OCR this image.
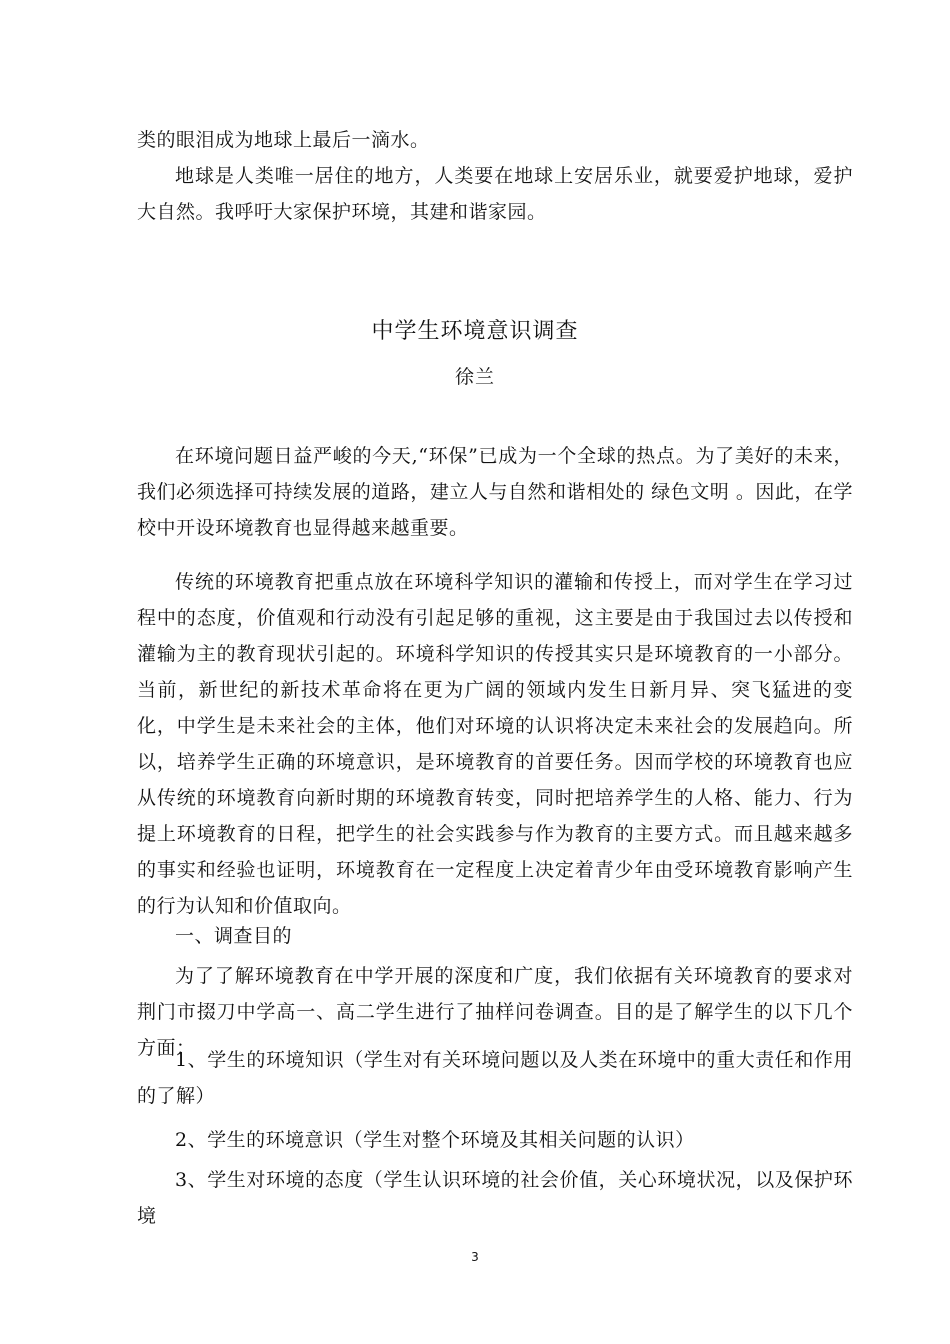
类的眼泪成为地球上最后一滴水。
地球是人类唯一居住的地方，人类要在地球上安居乐业，就要爱护地球，爱护大自然。我呼吁大家保护环境，其建和谐家园。
中学生环境意识调查
徐兰
在环境问题日益严峻的今天,“环保”已成为一个全球的热点。为了美好的未来，我们必须选择可持续发展的道路，建立人与自然和谐相处的 绿色文明 。因此，在学校中开设环境教育也显得越来越重要。
传统的环境教育把重点放在环境科学知识的灌输和传授上，而对学生在学习过程中的态度，价值观和行动没有引起足够的重视，这主要是由于我国过去以传授和灌输为主的教育现状引起的。环境科学知识的传授其实只是环境教育的一小部分。当前，新世纪的新技术革命将在更为广阔的领域内发生日新月异、突飞猛进的变化，中学生是未来社会的主体，他们对环境的认识将决定未来社会的发展趋向。所以，培养学生正确的环境意识，是环境教育的首要任务。因而学校的环境教育也应从传统的环境教育向新时期的环境教育转变，同时把培养学生的人格、能力、行为提上环境教育的日程，把学生的社会实践参与作为教育的主要方式。而且越来越多的事实和经验也证明，环境教育在一定程度上决定着青少年由受环境教育影响产生的行为认知和价值取向。
一、调查目的
为了了解环境教育在中学开展的深度和广度，我们依据有关环境教育的要求对荆门市掇刀中学高一、高二学生进行了抽样问卷调查。目的是了解学生的以下几个方面：
1、学生的环境知识（学生对有关环境问题以及人类在环境中的重大责任和作用的了解）
2、学生的环境意识（学生对整个环境及其相关问题的认识）
3、学生对环境的态度（学生认识环境的社会价值，关心环境状况，以及保护环境
3
